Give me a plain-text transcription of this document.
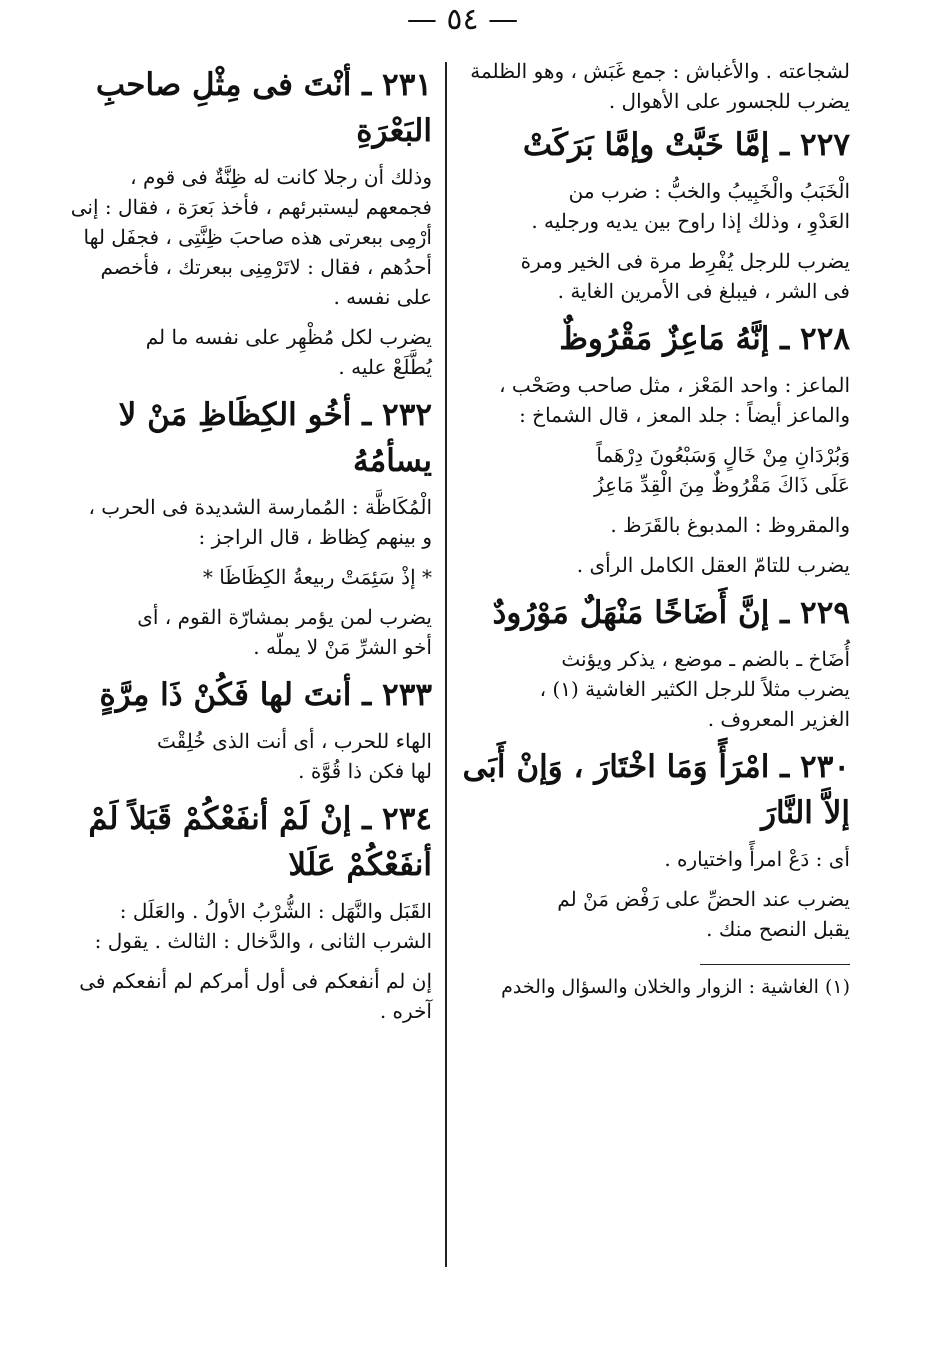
— ٥٤ —
لشجاعته . والأغباش : جمع غَبَش ، وهو الظلمة
يضرب للجسور على الأهوال .
٢٢٧ ـ إمَّا خَبَّتْ وإمَّا بَرَكَتْ
الْخَبَبُ والْخَبِيبُ والخبُّ : ضرب من
العَدْوِ ، وذلك إذا راوح بين يديه ورجليه .
يضرب للرجل يُفْرِط مرة فى الخير ومرة
فى الشر ، فيبلغ فى الأمرين الغاية .
٢٢٨ ـ إنَّهُ مَاعِزٌ مَقْرُوظٌ
الماعز : واحد المَعْز ، مثل صاحب وصَحْب ،
والماعز أيضاً : جلد المعز ، قال الشماخ :
وَبُرْدَانِ مِنْ خَالٍ وَسَبْعُونَ دِرْهَماً
عَلَى ذَاكَ مَقْرُوظٌ مِنَ الْقِدِّ مَاعِزُ
والمقروظ : المدبوغ بالقَرَظ .
يضرب للتامّ العقل الكامل الرأى .
٢٢٩ ـ إنَّ أَضَاخًا مَنْهَلٌ مَوْرُودٌ
أُضَاخ ـ بالضم ـ موضع ، يذكر ويؤنث
يضرب مثلاً للرجل الكثير الغاشية (١) ،
الغزير المعروف .
٢٣٠ ـ امْرَأً وَمَا اخْتَارَ ، وَإنْ أَبَى إلاَّ النَّارَ
أى : دَعْ امرأً واختياره .
يضرب عند الحضِّ على رَفْض مَنْ لم
يقبل النصح منك .
(١) الغاشية : الزوار والخلان والسؤال والخدم
٢٣١ ـ أنْتَ فى مِثْلِ صاحبِ البَعْرَةِ
وذلك أن رجلا كانت له ظِنَّةٌ فى قوم ،
فجمعهم ليستبرئهم ، فأخذ بَعرَة ، فقال : إنى
أرْمِى ببعرتى هذه صاحبَ ظِنَّتِى ، فجفَل لها
أحدُهم ، فقال : لاتَرْمِنِى ببعرتك ، فأخصم
على نفسه .
يضرب لكل مُظْهِر على نفسه ما لم
يُطَّلَعْ عليه .
٢٣٢ ـ أخُو الكِظَاظِ مَنْ لا يسأمُهُ
الْمُكَاظَّة : المُمارسة الشديدة فى الحرب ،
و بينهم كِظاظ ، قال الراجز :
* إذْ سَئِمَتْ ربيعةُ الكِظَاظَا *
يضرب لمن يؤمر بمشارّة القوم ، أى
أخو الشرِّ مَنْ لا يملّه .
٢٣٣ ـ أنتَ لها فَكُنْ ذَا مِرَّةٍ
الهاء للحرب ، أى أنت الذى خُلِقْتَ
لها فكن ذا قُوَّة .
٢٣٤ ـ إنْ لَمْ أنفَعْكُمْ قَبَلاً لَمْ أنفَعْكُمْ عَلَلا
القَبَل والنَّهَل : الشُّرْبُ الأولُ . والعَلَل :
الشرب الثانى ، والدَّخال : الثالث . يقول :
إن لم أنفعكم فى أول أمركم لم أنفعكم فى
آخره .
